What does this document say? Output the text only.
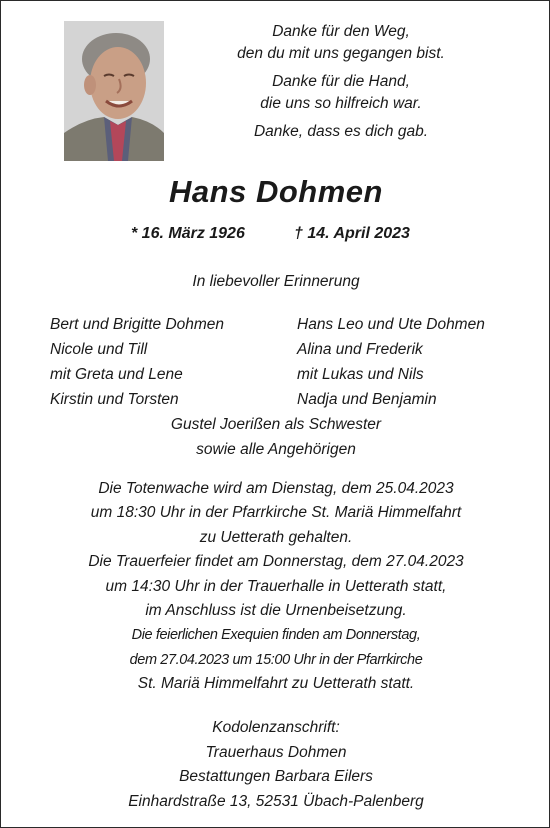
Danke für den Weg,
den du mit uns gegangen bist.

Danke für die Hand,
die uns so hilfreich war.

Danke, dass es dich gab.

Hans Dohmen
* 16. März 1926	† 14. April 2023
In liebevoller Erinnerung
Bert und Brigitte Dohmen
Nicole und Till
mit Greta und Lene
Kirstin und Torsten
Hans Leo und Ute Dohmen
Alina und Frederik
mit Lukas und Nils
Nadja und Benjamin
Gustel Joerißen als Schwester
sowie alle Angehörigen
Die Totenwache wird am Dienstag, dem 25.04.2023
um 18:30 Uhr in der Pfarrkirche St. Mariä Himmelfahrt
zu Uetterath gehalten.
Die Trauerfeier findet am Donnerstag, dem 27.04.2023
um 14:30 Uhr in der Trauerhalle in Uetterath statt,
im Anschluss ist die Urnenbeisetzung.
Die feierlichen Exequien finden am Donnerstag,
dem 27.04.2023 um 15:00 Uhr in der Pfarrkirche
St. Mariä Himmelfahrt zu Uetterath statt.
Kodolenzanschrift:
Trauerhaus Dohmen
Bestattungen Barbara Eilers
Einhardstraße 13, 52531 Übach-Palenberg
